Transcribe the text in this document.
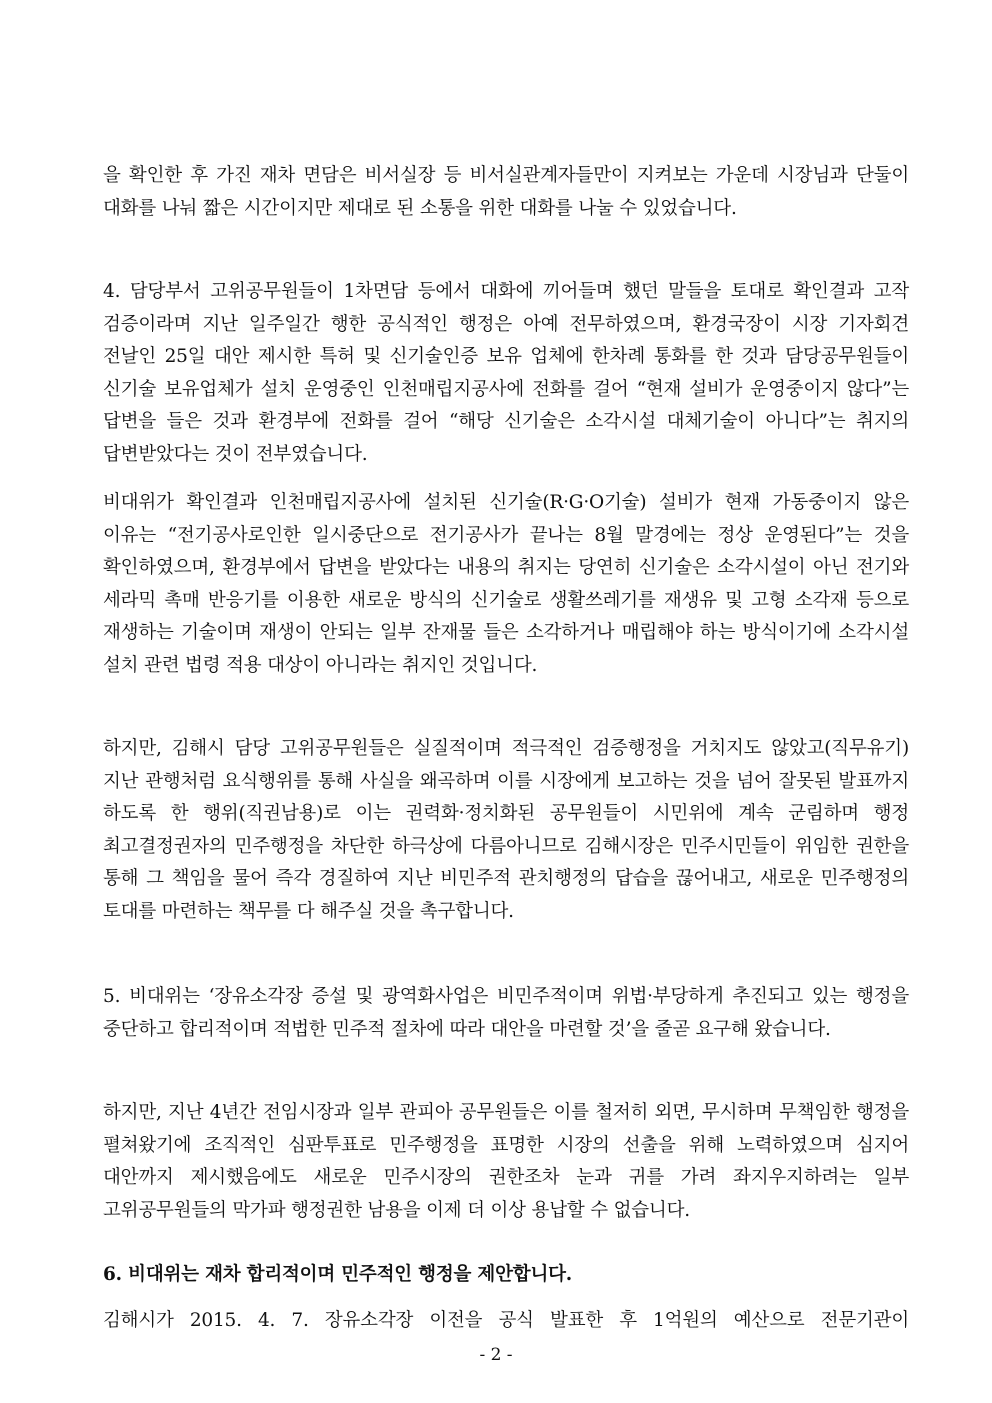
을 확인한 후 가진 재차 면담은 비서실장 등 비서실관계자들만이 지켜보는 가운데 시장님과 단둘이 대화를 나눠 짧은 시간이지만 제대로 된 소통을 위한 대화를 나눌 수 있었습니다.

4. 담당부서 고위공무원들이 1차면담 등에서 대화에 끼어들며 했던 말들을 토대로 확인결과 고작 검증이라며 지난 일주일간 행한 공식적인 행정은 아예 전무하였으며, 환경국장이 시장 기자회견 전날인 25일 대안 제시한 특허 및 신기술인증 보유 업체에 한차례 통화를 한 것과 담당공무원들이 신기술 보유업체가 설치 운영중인 인천매립지공사에 전화를 걸어 “현재 설비가 운영중이지 않다”는 답변을 들은 것과 환경부에 전화를 걸어 “해당 신기술은 소각시설 대체기술이 아니다”는 취지의 답변받았다는 것이 전부였습니다.

비대위가 확인결과 인천매립지공사에 설치된 신기술(R·G·O기술) 설비가 현재 가동중이지 않은 이유는 “전기공사로인한 일시중단으로 전기공사가 끝나는 8월 말경에는 정상 운영된다”는 것을 확인하였으며, 환경부에서 답변을 받았다는 내용의 취지는 당연히 신기술은 소각시설이 아닌 전기와 세라믹 촉매 반응기를 이용한 새로운 방식의 신기술로 생활쓰레기를 재생유 및 고형 소각재 등으로 재생하는 기술이며 재생이 안되는 일부 잔재물 들은 소각하거나 매립해야 하는 방식이기에 소각시설 설치 관련 법령 적용 대상이 아니라는 취지인 것입니다.

하지만, 김해시 담당 고위공무원들은 실질적이며 적극적인 검증행정을 거치지도 않았고(직무유기) 지난 관행처럼 요식행위를 통해 사실을 왜곡하며 이를 시장에게 보고하는 것을 넘어 잘못된 발표까지 하도록 한 행위(직권남용)로 이는 권력화·정치화된 공무원들이 시민위에 계속 군림하며 행정 최고결정권자의 민주행정을 차단한 하극상에 다름아니므로 김해시장은 민주시민들이 위임한 권한을 통해 그 책임을 물어 즉각 경질하여 지난 비민주적 관치행정의 답습을 끊어내고, 새로운 민주행정의 토대를 마련하는 책무를 다 해주실 것을 촉구합니다.

5. 비대위는 ‘장유소각장 증설 및 광역화사업은 비민주적이며 위법·부당하게 추진되고 있는 행정을 중단하고 합리적이며 적법한 민주적 절차에 따라 대안을 마련할 것’을 줄곧 요구해 왔습니다.

하지만, 지난 4년간 전임시장과 일부 관피아 공무원들은 이를 철저히 외면, 무시하며 무책임한 행정을 펼쳐왔기에 조직적인 심판투표로 민주행정을 표명한 시장의 선출을 위해 노력하였으며 심지어 대안까지 제시했음에도 새로운 민주시장의 권한조차 눈과 귀를 가려 좌지우지하려는 일부 고위공무원들의 막가파 행정권한 남용을 이제 더 이상 용납할 수 없습니다.

6. 비대위는 재차 합리적이며 민주적인 행정을 제안합니다.

김해시가 2015. 4. 7. 장유소각장 이전을 공식 발표한 후 1억원의 예산으로 전문기관이

- 2 -
